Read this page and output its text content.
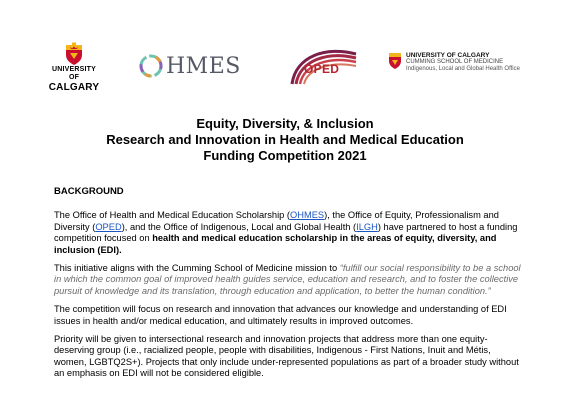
UNIVERSITY OF
CALGARY
HMES	OPED
UNIVERSITY OF CALGARY
CUMMING SCHOOL OF MEDICINE
Indigenous, Local and Global Health Office
Equity, Diversity, & Inclusion
Research and Innovation in Health and Medical Education
Funding Competition 2021
BACKGROUND

The Office of Health and Medical Education Scholarship (OHMES), the Office of Equity, Professionalism and Diversity (OPED), and the Office of Indigenous, Local and Global Health (ILGH) have partnered to host a funding competition focused on health and medical education scholarship in the areas of equity, diversity, and inclusion (EDI).

This initiative aligns with the Cumming School of Medicine mission to “fulfill our social responsibility to be a school in which the common goal of improved health guides service, education and research, and to foster the collective pursuit of knowledge and its translation, through education and application, to better the human condition.”

The competition will focus on research and innovation that advances our knowledge and understanding of EDI issues in health and/or medical education, and ultimately results in improved outcomes.

Priority will be given to intersectional research and innovation projects that address more than one equity-deserving group (i.e., racialized people, people with disabilities, Indigenous - First Nations, Inuit and Métis, women, LGBTQ2S+). Projects that only include under-represented populations as part of a broader study without an emphasis on EDI will not be considered eligible.
